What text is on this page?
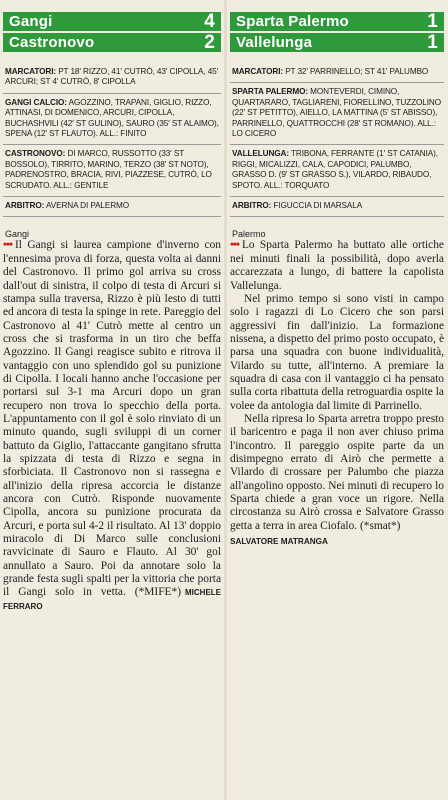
Gangi	4
Castronovo	2
MARCATORI: PT 18' RIZZO, 41' CUTRÒ, 43' CIPOLLA, 45' ARCURI; ST 4' CUTRÒ, 8' CIPOLLA
GANGI CALCIO: AGOZZINO, TRAPANI, GIGLIO, RIZZO, ATTINASI, DI DOMENICO, ARCURI, CIPOLLA, BUCHASHVILI (42' ST GULINO), SAURO (35' ST ALAIMO), SPENA (12' ST FLAUTO). ALL.: FINITO
CASTRONOVO: DI MARCO, RUSSOTTO (33' ST BOSSOLO), TIRRITO, MARINO, TERZO (38' ST NOTO), PADRENOSTRO, BRACIA, RIVI, PIAZZESE, CUTRÒ, LO SCRUDATO. ALL.: GENTILE
ARBITRO: AVERNA DI PALERMO
Gangi

••• Il Gangi si laurea campione d'inverno con l'ennesima prova di forza, questa volta ai danni del Castronovo. Il primo gol arriva su cross dall'out di sinistra, il colpo di testa di Arcuri si stampa sulla traversa, Rizzo è più lesto di tutti ed ancora di testa la spinge in rete. Pareggio del Castronovo al 41' Cutrò mette al centro un cross che si trasforma in un tiro che beffa Agozzino. Il Gangi reagisce subito e ritrova il vantaggio con uno splendido gol su punizione di Cipolla. I locali hanno anche l'occasione per portarsi sul 3-1 ma Arcuri dopo un gran recupero non trova lo specchio della porta. L'appuntamento con il gol è solo rinviato di un minuto quando, sugli sviluppi di un corner battuto da Giglio, l'attaccante gangitano sfrutta la spizzata di testa di Rizzo e segna in sforbiciata. Il Castronovo non si rassegna e all'inizio della ripresa accorcia le distanze ancora con Cutrò. Risponde nuovamente Cipolla, ancora su punizione procurata da Arcuri, e porta sul 4-2 il risultato. Al 13' doppio miracolo di Di Marco sulle conclusioni ravvicinate di Sauro e Flauto. Al 30' gol annullato a Sauro. Poi da annotare solo la grande festa sugli spalti per la vittoria che porta il Gangi solo in vetta. (*MIFE*) MICHELE FERRARO

Sparta Palermo	1
Vallelunga	1
MARCATORI: PT 32' PARRINELLO; ST 41' PALUMBO
SPARTA PALERMO: MONTEVERDI, CIMINO, QUARTARARO, TAGLIARENI, FIORELLINO, TUZZOLINO (22' ST PETITTO), AIELLO, LA MATTINA (5' ST ABISSO), PARRINELLO, QUATTROCCHI (28' ST ROMANO). ALL.: LO CICERO
VALLELUNGA: TRIBONA, FERRANTE (1' ST CATANIA), RIGGI, MICALIZZI, CALA, CAPODICI, PALUMBO, GRASSO D. (9' ST GRASSO S.), VILARDO, RIBAUDO, SPOTO. ALL.: TORQUATO
ARBITRO: FIGUCCIA DI MARSALA
Palermo

••• Lo Sparta Palermo ha buttato alle ortiche nei minuti finali la possibilità, dopo averla accarezzata a lungo, di battere la capolista Vallelunga.

Nel primo tempo si sono visti in campo solo i ragazzi di Lo Cicero che son parsi aggressivi fin dall'inizio. La formazione nissena, a dispetto del primo posto occupato, è parsa una squadra con buone individualità, Vilardo su tutte, all'interno. A premiare la squadra di casa con il vantaggio ci ha pensato sulla corta ribattuta della retroguardia ospite la volee da antologia dal limite di Parrinello.

Nella ripresa lo Sparta arretra troppo presto il baricentro e paga il non aver chiuso prima l'incontro. Il pareggio ospite parte da un disimpegno errato di Airò che permette a Vilardo di crossare per Palumbo che piazza all'angolino opposto. Nei minuti di recupero lo Sparta chiede a gran voce un rigore. Nella circostanza su Airò crossa e Salvatore Grasso getta a terra in area Ciofalo. (*smat*)

SALVATORE MATRANGA
